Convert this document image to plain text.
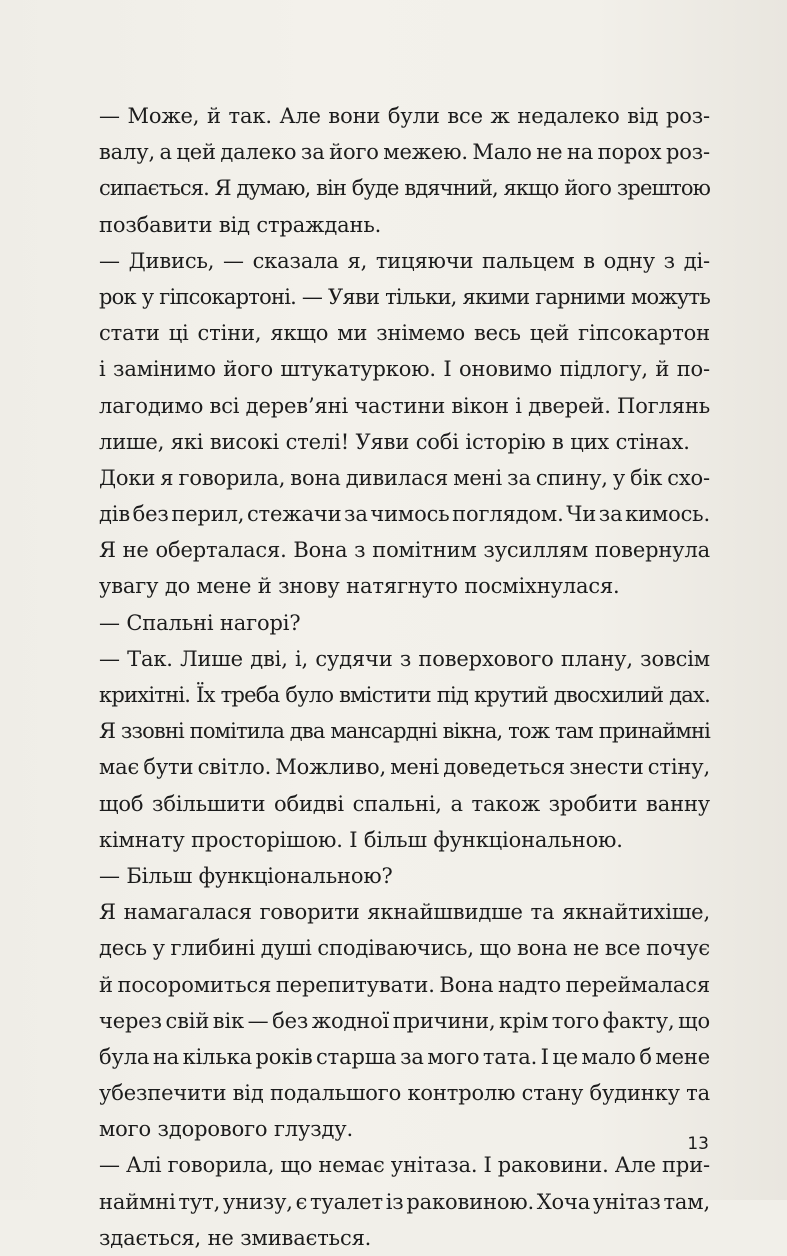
— Може, й так. Але вони були все ж недалеко від роз-
валу, а цей далеко за його межею. Мало не на порох роз-
сипається. Я думаю, він буде вдячний, якщо його зрештою
позбавити від страждань.
— Дивись, — сказала я, тицяючи пальцем в одну з ді-
рок у гіпсокартоні. — Уяви тільки, якими гарними можуть
стати ці стіни, якщо ми знімемо весь цей гіпсокартон
і замінимо його штукатуркою. І оновимо підлогу, й по-
лагодимо всі дерев’яні частини вікон і дверей. Поглянь
лише, які високі стелі! Уяви собі історію в цих стінах.
Доки я говорила, вона дивилася мені за спину, у бік схо-
дів без перил, стежачи за чимось поглядом. Чи за кимось.
Я не оберталася. Вона з помітним зусиллям повернула
увагу до мене й знову натягнуто посміхнулася.
— Спальні нагорі?
— Так. Лише дві, і, судячи з поверхового плану, зовсім
крихітні. Їх треба було вмістити під крутий двосхилий дах.
Я ззовні помітила два мансардні вікна, тож там принаймні
має бути світло. Можливо, мені доведеться знести стіну,
щоб збільшити обидві спальні, а також зробити ванну
кімнату просторішою. І більш функціональною.
— Більш функціональною?
Я намагалася говорити якнайшвидше та якнайтихіше,
десь у глибині душі сподіваючись, що вона не все почує
й посоромиться перепитувати. Вона надто переймалася
через свій вік — без жодної причини, крім того факту, що
була на кілька років старша за мого тата. І це мало б мене
убезпечити від подальшого контролю стану будинку та
мого здорового глузду.
— Алі говорила, що немає унітаза. І раковини. Але при-
наймні тут, унизу, є туалет із раковиною. Хоча унітаз там,
здається, не змивається.
13
